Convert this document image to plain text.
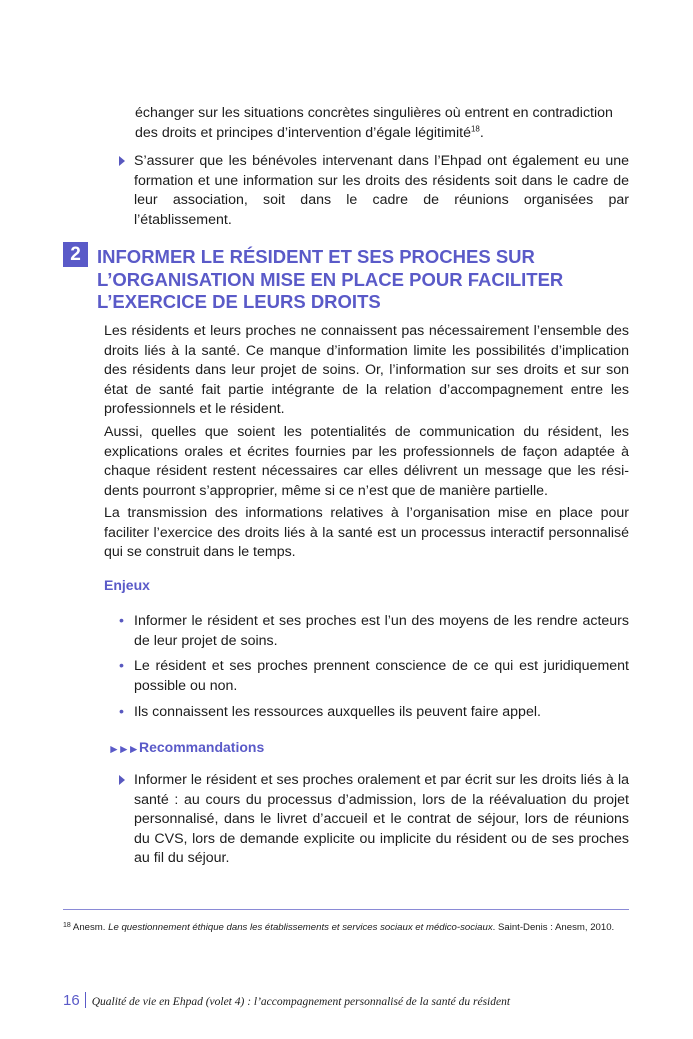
échanger sur les situations concrètes singulières où entrent en contradiction
des droits et principes d’intervention d’égale légitimité$^{18}$.
S’assurer que les bénévoles intervenant dans l’Ehpad ont également eu une formation et une information sur les droits des résidents soit dans le cadre de leur association, soit dans le cadre de réunions organisées par l’établissement.
2 INFORMER LE RÉSIDENT ET SES PROCHES SUR
L’ORGANISATION MISE EN PLACE POUR FACILITER
L’EXERCICE DE LEURS DROITS
Les résidents et leurs proches ne connaissent pas nécessairement l’ensemble des droits liés à la santé. Ce manque d’information limite les possibilités d’implication des résidents dans leur projet de soins. Or, l’information sur ses droits et sur son état de santé fait partie intégrante de la relation d’accompagnement entre les professionnels et le résident.
Aussi, quelles que soient les potentialités de communication du résident, les explications orales et écrites fournies par les professionnels de façon adaptée à chaque résident restent nécessaires car elles délivrent un message que les rési-dents pourront s’approprier, même si ce n’est que de manière partielle.
La transmission des informations relatives à l’organisation mise en place pour faciliter l’exercice des droits liés à la santé est un processus interactif personnalisé qui se construit dans le temps.
Enjeux
• Informer le résident et ses proches est l’un des moyens de les rendre acteurs de leur projet de soins.
• Le résident et ses proches prennent conscience de ce qui est juridiquement possible ou non.
• Ils connaissent les ressources auxquelles ils peuvent faire appel.
►►► Recommandations
Informer le résident et ses proches oralement et par écrit sur les droits liés à la santé : au cours du processus d’admission, lors de la réévaluation du projet personnalisé, dans le livret d’accueil et le contrat de séjour, lors de réunions du CVS, lors de demande explicite ou implicite du résident ou de ses proches au fil du séjour.
$^{18}$ Anesm. Le questionnement éthique dans les établissements et services sociaux et médico-sociaux. Saint-Denis : Anesm, 2010.
16 Qualité de vie en Ehpad (volet 4) : l’accompagnement personnalisé de la santé du résident
